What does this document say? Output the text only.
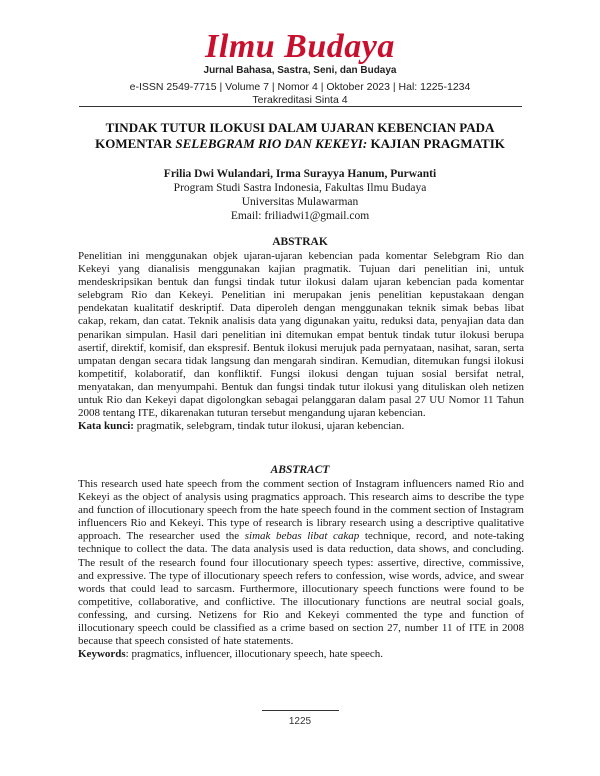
Ilmu Budaya
Jurnal Bahasa, Sastra, Seni, dan Budaya
e-ISSN 2549-7715 | Volume 7 | Nomor 4 | Oktober 2023 | Hal: 1225-1234
Terakreditasi Sinta 4
TINDAK TUTUR ILOKUSI DALAM UJARAN KEBENCIAN PADA
KOMENTAR SELEBGRAM RIO DAN KEKEYI: KAJIAN PRAGMATIK
Frilia Dwi Wulandari, Irma Surayya Hanum, Purwanti
Program Studi Sastra Indonesia, Fakultas Ilmu Budaya
Universitas Mulawarman
Email: friliadwi1@gmail.com
ABSTRAK

Penelitian ini menggunakan objek ujaran-ujaran kebencian pada komentar Selebgram Rio dan Kekeyi yang dianalisis menggunakan kajian pragmatik. Tujuan dari penelitian ini, untuk mendeskripsikan bentuk dan fungsi tindak tutur ilokusi dalam ujaran kebencian pada komentar selebgram Rio dan Kekeyi. Penelitian ini merupakan jenis penelitian kepustakaan dengan pendekatan kualitatif deskriptif. Data diperoleh dengan menggunakan teknik simak bebas libat cakap, rekam, dan catat. Teknik analisis data yang digunakan yaitu, reduksi data, penyajian data dan penarikan simpulan. Hasil dari penelitian ini ditemukan empat bentuk tindak tutur ilokusi berupa asertif, direktif, komisif, dan ekspresif. Bentuk ilokusi merujuk pada pernyataan, nasihat, saran, serta umpatan dengan secara tidak langsung dan mengarah sindiran. Kemudian, ditemukan fungsi ilokusi kompetitif, kolaboratif, dan konfliktif. Fungsi ilokusi dengan tujuan sosial bersifat netral, menyatakan, dan menyumpahi. Bentuk dan fungsi tindak tutur ilokusi yang dituliskan oleh netizen untuk Rio dan Kekeyi dapat digolongkan sebagai pelanggaran dalam pasal 27 UU Nomor 11 Tahun 2008 tentang ITE, dikarenakan tuturan tersebut mengandung ujaran kebencian.
Kata kunci: pragmatik, selebgram, tindak tutur ilokusi, ujaran kebencian.

ABSTRACT

This research used hate speech from the comment section of Instagram influencers named Rio and Kekeyi as the object of analysis using pragmatics approach. This research aims to describe the type and function of illocutionary speech from the hate speech found in the comment section of Instagram influencers Rio and Kekeyi. This type of research is library research using a descriptive qualitative approach. The researcher used the simak bebas libat cakap technique, record, and note-taking technique to collect the data. The data analysis used is data reduction, data shows, and concluding. The result of the research found four illocutionary speech types: assertive, directive, commissive, and expressive. The type of illocutionary speech refers to confession, wise words, advice, and swear words that could lead to sarcasm. Furthermore, illocutionary speech functions were found to be competitive, collaborative, and conflictive. The illocutionary functions are neutral social goals, confessing, and cursing. Netizens for Rio and Kekeyi commented the type and function of illocutionary speech could be classified as a crime based on section 27, number 11 of ITE in 2008 because that speech consisted of hate statements.
Keywords: pragmatics, influencer, illocutionary speech, hate speech.

1225
